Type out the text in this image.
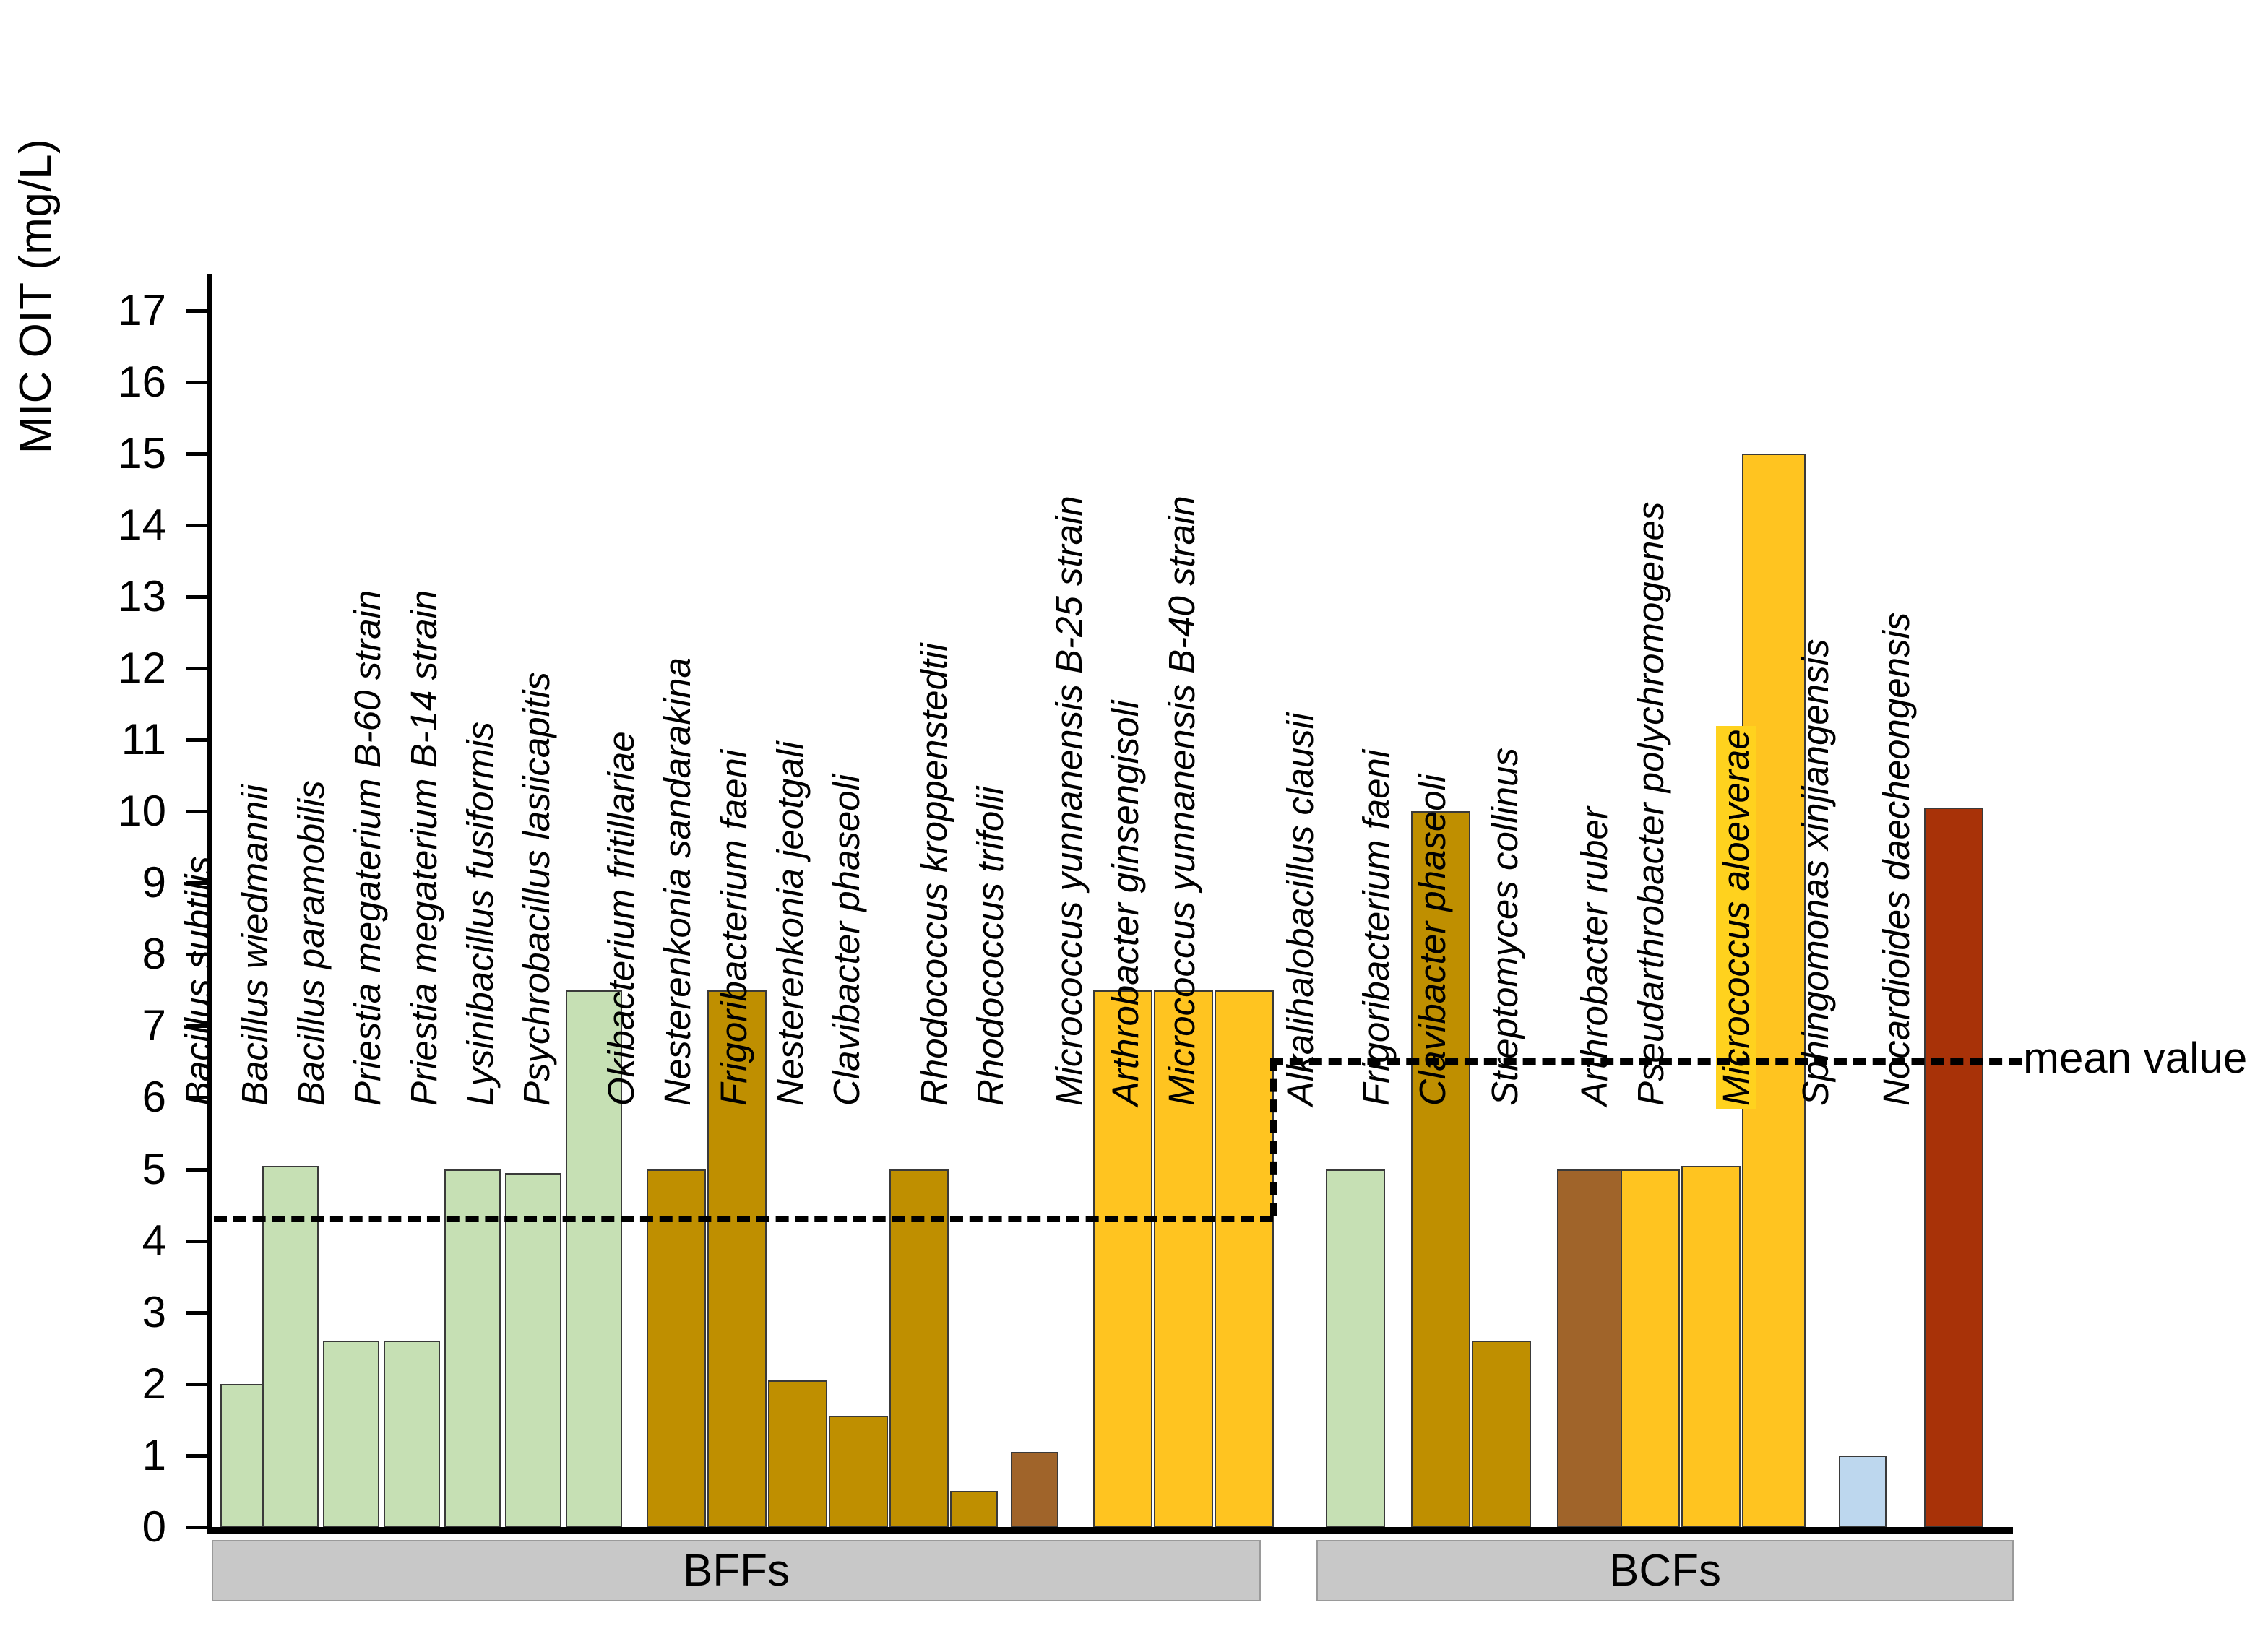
MIC OIT (mg/L)
0
1
2
3
4
5
6
7
8
9
10
11
12
13
14
15
16
17
Bacillus subtilis Bacillus wiedmannii Bacillus paramobilis Priestia megaterium B-60 strain Priestia megaterium B-14 strain Lysinibacillus fusiformis Psychrobacillus lasiicapitis Okibacterium fritillariae Nesterenkonia sandarakina Frigoribacterium faeni Nesterenkonia jeotgali Clavibacter phaseoli Rhodococcus kroppenstedtii Rhodococcus trifolii Micrococcus yunnanensis B-25 strain Arthrobacter ginsengisoli Micrococcus yunnanensis B-40 strain Alkalihalobacillus clausii Frigoribacterium faeni Clavibacter phaseoli Streptomyces collinus Arthrobacter ruber Pseudarthrobacter polychromogenes Micrococcus aloeverae Sphingomonas xinjiangensis Nocardioides daecheongensis mean value
BFFs	BCFs
